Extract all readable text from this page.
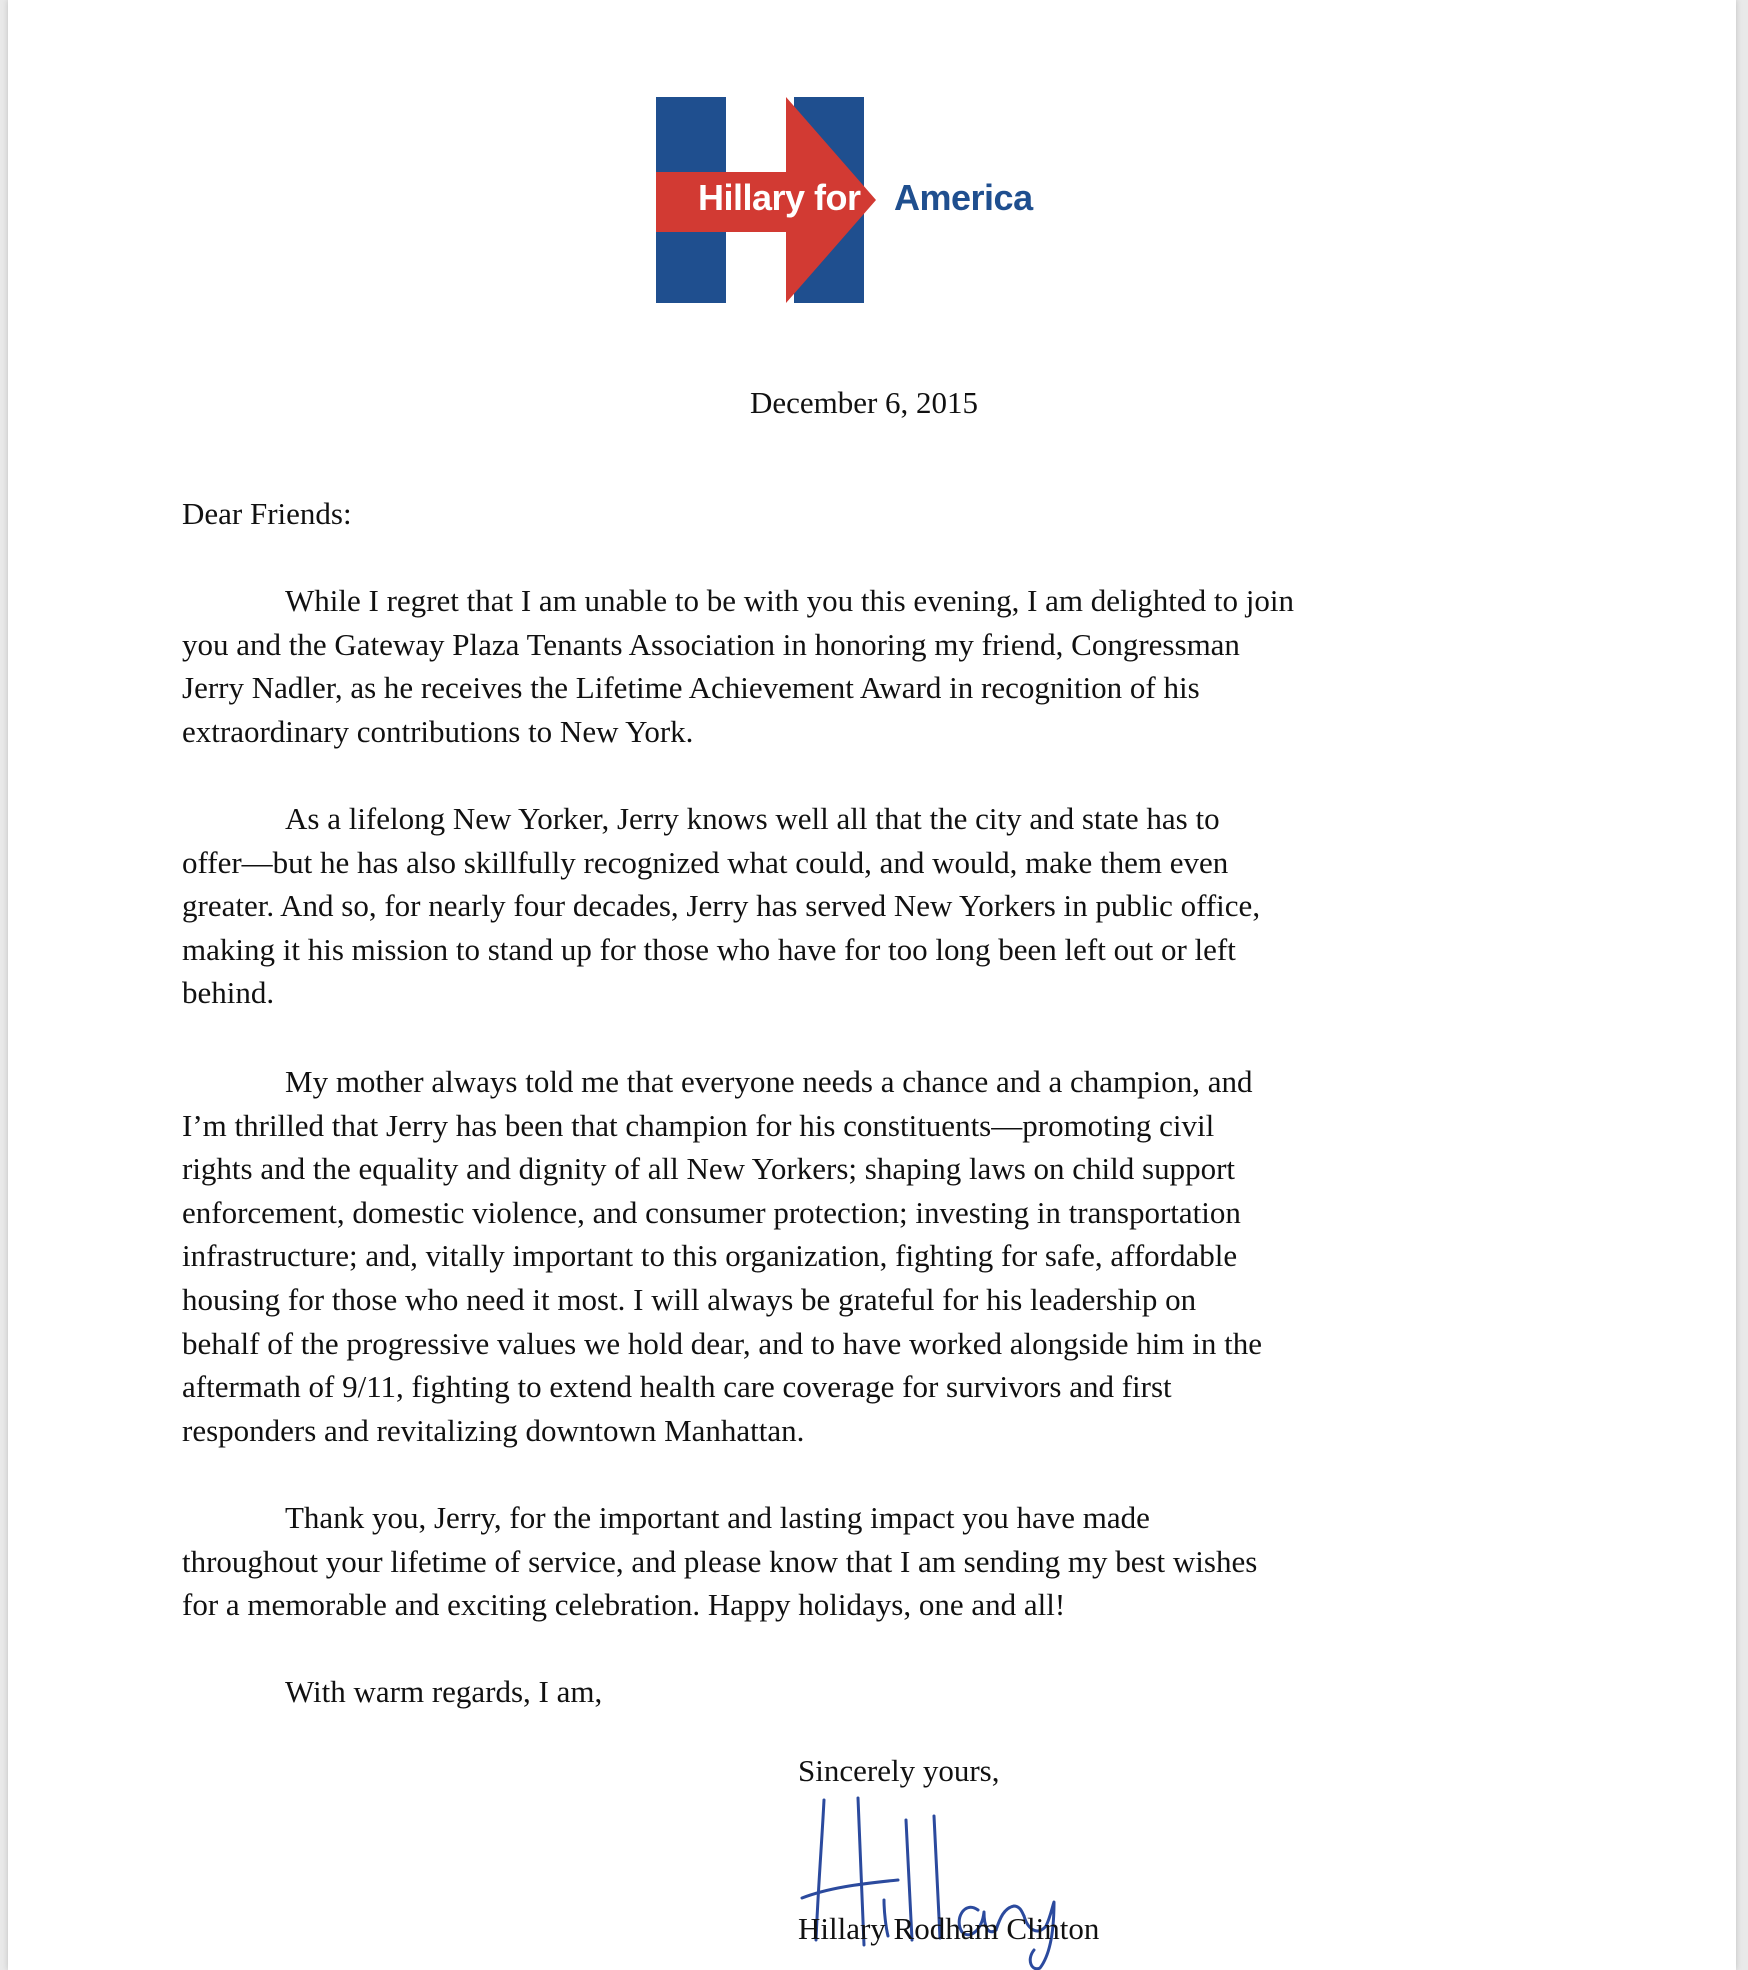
Hillary for America
December 6, 2015
Dear Friends:
While I regret that I am unable to be with you this evening, I am delighted to join
you and the Gateway Plaza Tenants Association in honoring my friend, Congressman
Jerry Nadler, as he receives the Lifetime Achievement Award in recognition of his
extraordinary contributions to New York.
As a lifelong New Yorker, Jerry knows well all that the city and state has to
offer—but he has also skillfully recognized what could, and would, make them even
greater. And so, for nearly four decades, Jerry has served New Yorkers in public office,
making it his mission to stand up for those who have for too long been left out or left
behind.
My mother always told me that everyone needs a chance and a champion, and
I’m thrilled that Jerry has been that champion for his constituents—promoting civil
rights and the equality and dignity of all New Yorkers; shaping laws on child support
enforcement, domestic violence, and consumer protection; investing in transportation
infrastructure; and, vitally important to this organization, fighting for safe, affordable
housing for those who need it most. I will always be grateful for his leadership on
behalf of the progressive values we hold dear, and to have worked alongside him in the
aftermath of 9/11, fighting to extend health care coverage for survivors and first
responders and revitalizing downtown Manhattan.
Thank you, Jerry, for the important and lasting impact you have made
throughout your lifetime of service, and please know that I am sending my best wishes
for a memorable and exciting celebration. Happy holidays, one and all!
With warm regards, I am,
Sincerely yours,
Hillary Rodham Clinton
